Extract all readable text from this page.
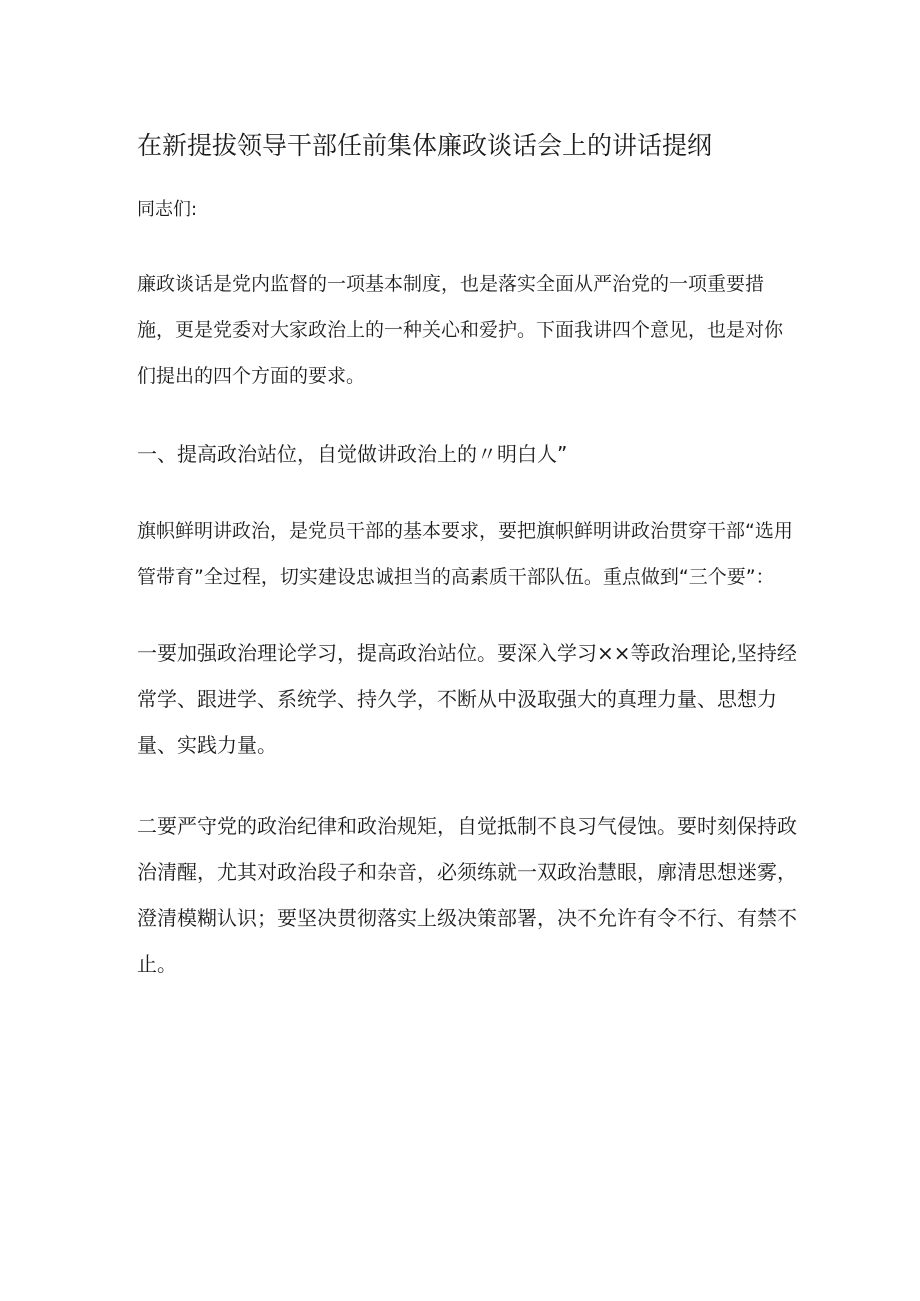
在新提拔领导干部任前集体廉政谈话会上的讲话提纲

同志们:

廉政谈话是党内监督的一项基本制度，也是落实全面从严治党的一项重要措施，更是党委对大家政治上的一种关心和爱护。下面我讲四个意见，也是对你们提出的四个方面的要求。

一、提高政治站位，自觉做讲政治上的〃明白人”

旗帜鲜明讲政治，是党员干部的基本要求，要把旗帜鲜明讲政治贯穿干部“选用管带育”全过程，切实建设忠诚担当的高素质干部队伍。重点做到“三个要”：

一要加强政治理论学习，提高政治站位。要深入学习××等政治理论,坚持经常学、跟进学、系统学、持久学，不断从中汲取强大的真理力量、思想力量、实践力量。

二要严守党的政治纪律和政治规矩，自觉抵制不良习气侵蚀。要时刻保持政治清醒，尤其对政治段子和杂音，必须练就一双政治慧眼，廓清思想迷雾，澄清模糊认识；要坚决贯彻落实上级决策部署，决不允许有令不行、有禁不止。
